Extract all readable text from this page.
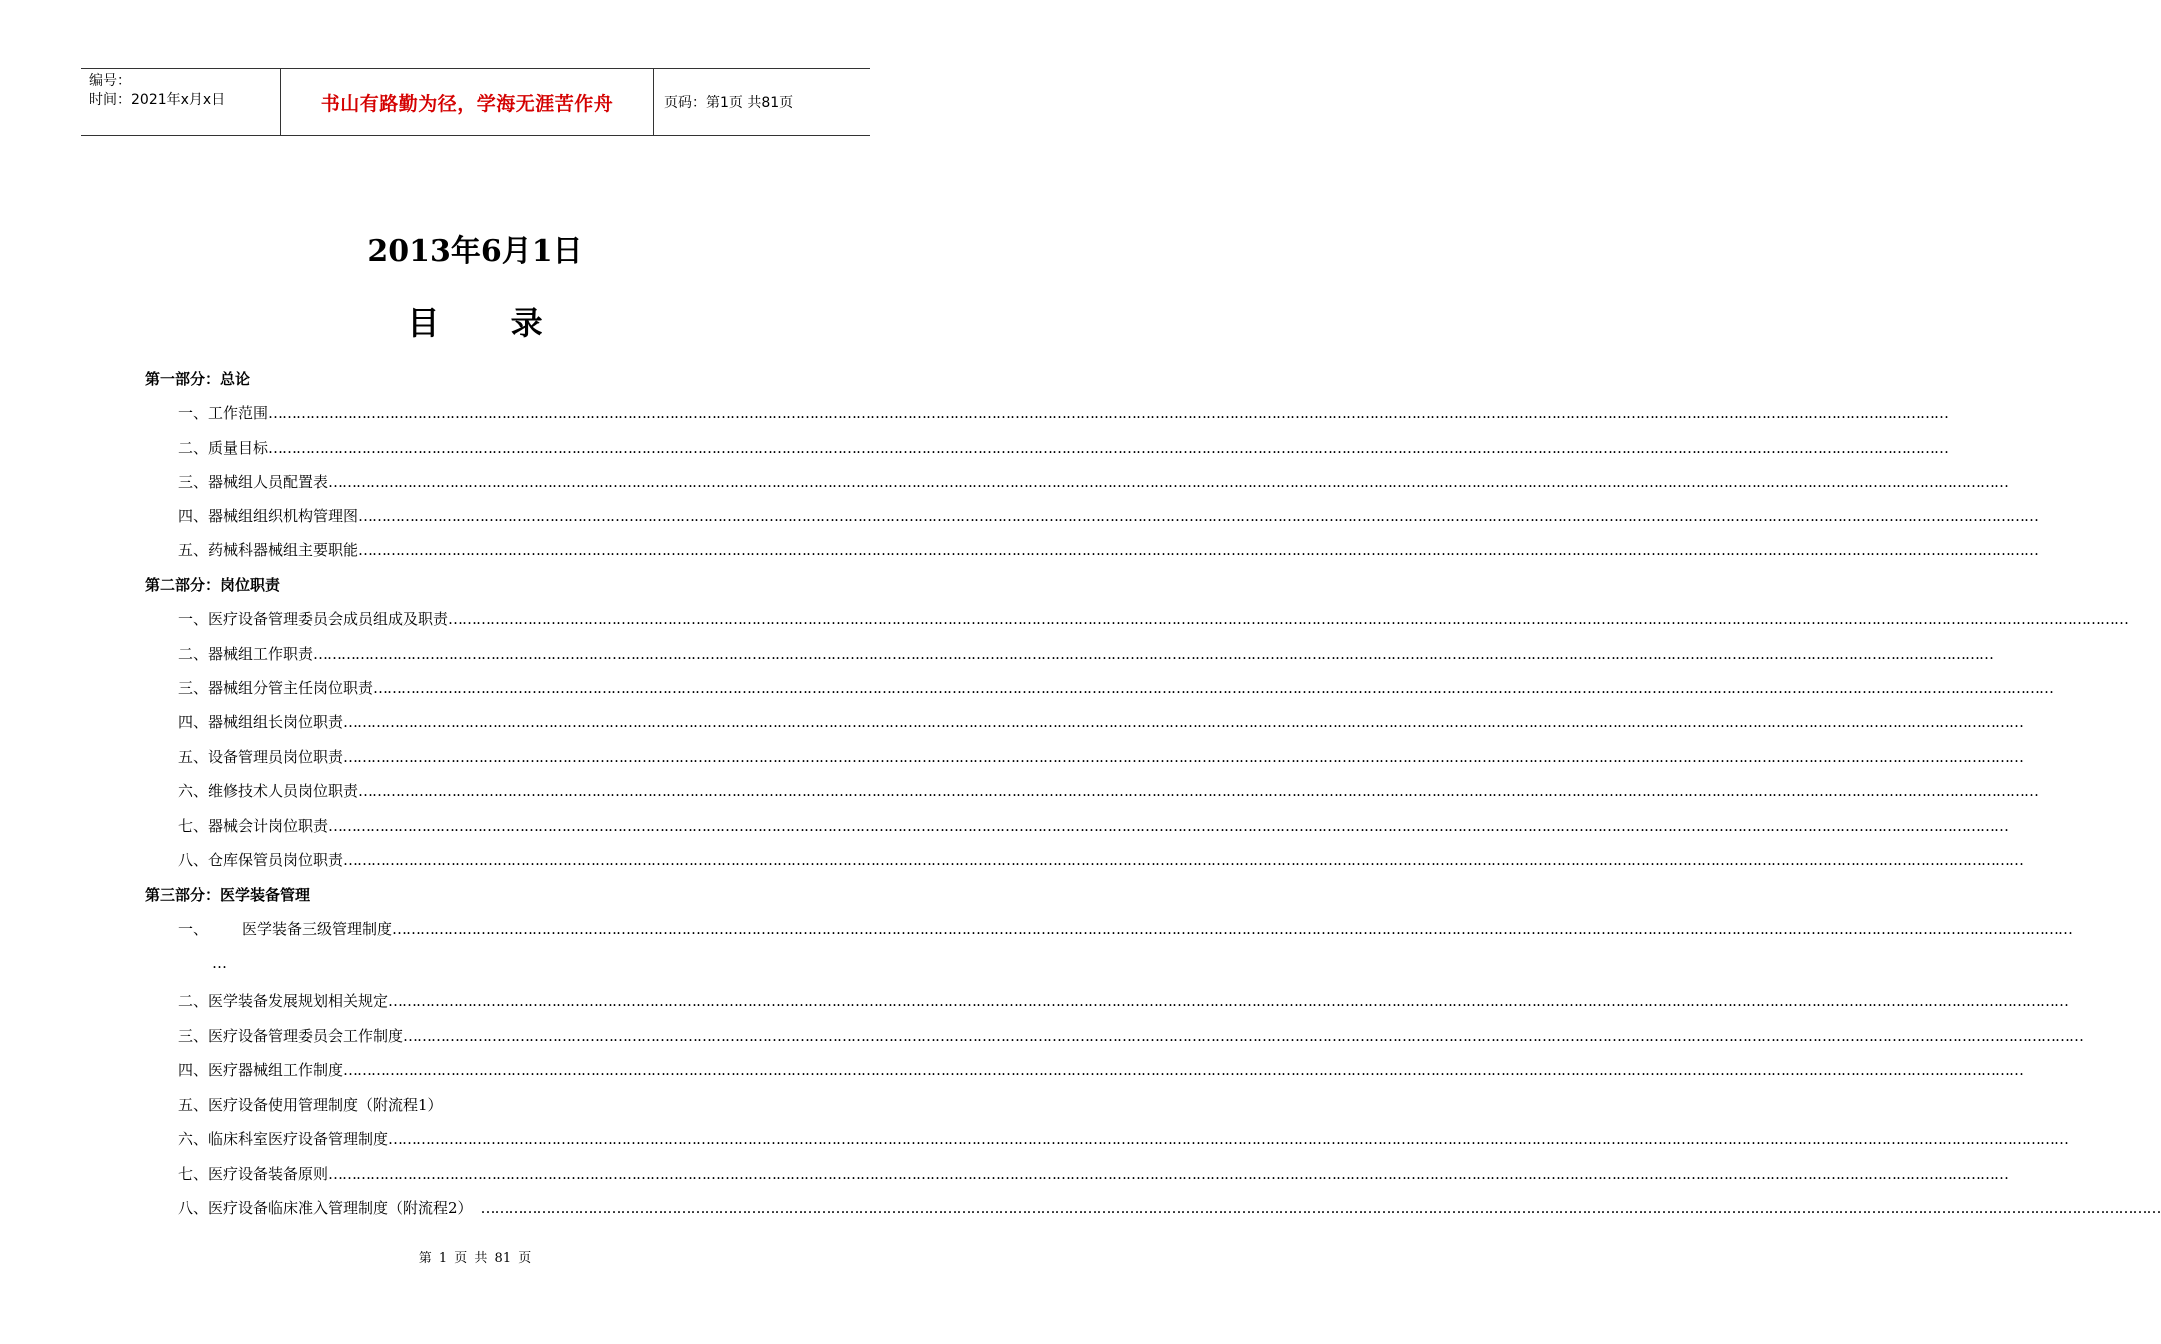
编号：
时间：2021年x月x日	书山有路勤为径，学海无涯苦作舟	页码：第1页 共81页
2013年6月1日
目 录
第一部分：总论
一、工作范围 ………………………………………………………………………………………………………………………………………………………………………………………………………………………………………………………………………………………………………………………………
二、质量目标 ………………………………………………………………………………………………………………………………………………………………………………………………………………………………………………………………………………………………………………………………
三、器械组人员配置表 ………………………………………………………………………………………………………………………………………………………………………………………………………………………………………………………………………………………………………………………………
四、器械组组织机构管理图 ………………………………………………………………………………………………………………………………………………………………………………………………………………………………………………………………………………………………………………………………
五、药械科器械组主要职能 ………………………………………………………………………………………………………………………………………………………………………………………………………………………………………………………………………………………………………………………………
第二部分：岗位职责
一、医疗设备管理委员会成员组成及职责 ………………………………………………………………………………………………………………………………………………………………………………………………………………………………………………………………………………………………………………………………
二、器械组工作职责 ………………………………………………………………………………………………………………………………………………………………………………………………………………………………………………………………………………………………………………………………
三、器械组分管主任岗位职责 ………………………………………………………………………………………………………………………………………………………………………………………………………………………………………………………………………………………………………………………………
四、器械组组长岗位职责 ………………………………………………………………………………………………………………………………………………………………………………………………………………………………………………………………………………………………………………………………
五、设备管理员岗位职责 ………………………………………………………………………………………………………………………………………………………………………………………………………………………………………………………………………………………………………………………………
六、维修技术人员岗位职责 ………………………………………………………………………………………………………………………………………………………………………………………………………………………………………………………………………………………………………………………………
七、器械会计岗位职责 ………………………………………………………………………………………………………………………………………………………………………………………………………………………………………………………………………………………………………………………………
八、仓库保管员岗位职责 ………………………………………………………………………………………………………………………………………………………………………………………………………………………………………………………………………………………………………………………………
第三部分：医学装备管理
一、 医学装备三级管理制度 ………………………………………………………………………………………………………………………………………………………………………………………………………………………………………………………………………………………………………………………………
…
二、医学装备发展规划相关规定 ………………………………………………………………………………………………………………………………………………………………………………………………………………………………………………………………………………………………………………………………
三、医疗设备管理委员会工作制度 ………………………………………………………………………………………………………………………………………………………………………………………………………………………………………………………………………………………………………………………………
四、医疗器械组工作制度 ………………………………………………………………………………………………………………………………………………………………………………………………………………………………………………………………………………………………………………………………
五、医疗设备使用管理制度（附流程1）
六、临床科室医疗设备管理制度 ………………………………………………………………………………………………………………………………………………………………………………………………………………………………………………………………………………………………………………………………
七、医疗设备装备原则 ………………………………………………………………………………………………………………………………………………………………………………………………………………………………………………………………………………………………………………………………
八、医疗设备临床准入管理制度（附流程2） ………………………………………………………………………………………………………………………………………………………………………………………………………………………………………………………………………………………………………………………………
第 1 页 共 81 页
